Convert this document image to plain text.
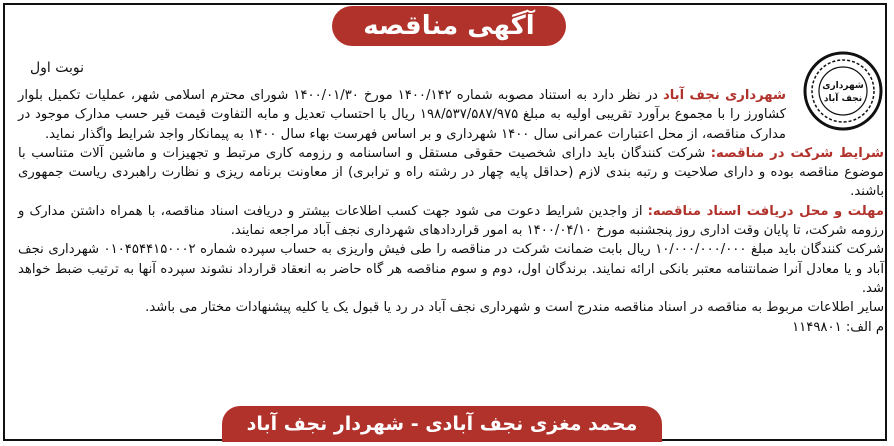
آگهی مناقصه
نوبت اول
شهرداری
نجف آباد

شهرداری نجف آباد در نظر دارد به استناد مصوبه شماره ۱۴۰۰/۱۴۲ مورخ ۱۴۰۰/۰۱/۳۰ شورای محترم اسلامی شهر، عملیات تکمیل بلوار کشاورز را با مجموع برآورد تقریبی اولیه به مبلغ ۱۹۸/۵۳۷/۵۸۷/۹۷۵ ریال با احتساب تعدیل و مابه التفاوت قیمت قیر حسب مدارک موجود در مدارک مناقصه، از محل اعتبارات عمرانی سال ۱۴۰۰ شهرداری و بر اساس فهرست بهاء سال ۱۴۰۰ به پیمانکار واجد شرایط واگذار نماید.

شرایط شرکت در مناقصه: شرکت کنندگان باید دارای شخصیت حقوقی مستقل و اساسنامه و رزومه کاری مرتبط و تجهیزات و ماشین آلات متناسب با موضوع مناقصه بوده و دارای صلاحیت و رتبه بندی لازم (حداقل پایه چهار در رشته راه و ترابری) از معاونت برنامه ریزی و نظارت راهبردی ریاست جمهوری باشند.

مهلت و محل دریافت اسناد مناقصه: از واجدین شرایط دعوت می شود جهت کسب اطلاعات بیشتر و دریافت اسناد مناقصه، با همراه داشتن مدارک و رزومه شرکت، تا پایان وقت اداری روز پنجشنبه مورخ ۱۴۰۰/۰۴/۱۰ به امور قراردادهای شهرداری نجف آباد مراجعه نمایند.

شرکت کنندگان باید مبلغ ۱۰/۰۰۰/۰۰۰/۰۰۰ ریال بابت ضمانت شرکت در مناقصه را طی فیش واریزی به حساب سپرده شماره ۰۱۰۴۵۴۴۱۵۰۰۰۲ شهرداری نجف آباد و یا معادل آنرا ضمانتنامه معتبر بانکی ارائه نمایند. برندگان اول، دوم و سوم مناقصه هر گاه حاضر به انعقاد قرارداد نشوند سپرده آنها به ترتیب ضبط خواهد شد.

سایر اطلاعات مربوط به مناقصه در اسناد مناقصه مندرج است و شهرداری نجف آباد در رد یا قبول یک یا کلیه پیشنهادات مختار می باشد.

م الف: ۱۱۴۹۸۰۱

محمد مغزی نجف آبادی - شهردار نجف آباد
